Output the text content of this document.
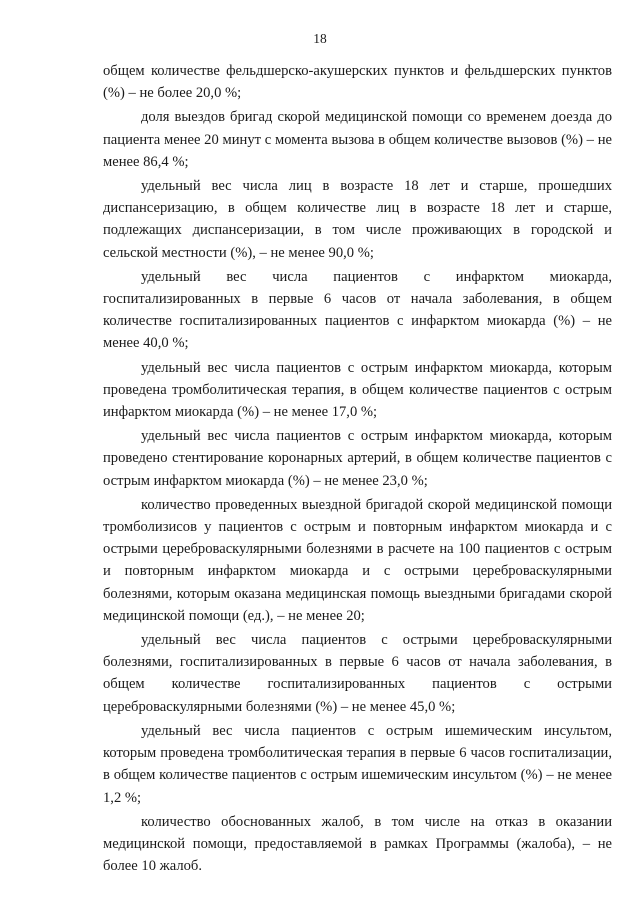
18

общем количестве фельдшерско-акушерских пунктов и фельдшерских пунктов (%) – не более 20,0 %;

доля выездов бригад скорой медицинской помощи со временем доезда до пациента менее 20 минут с момента вызова в общем количестве вызовов (%) – не менее 86,4 %;

удельный вес числа лиц в возрасте 18 лет и старше, прошедших диспансеризацию, в общем количестве лиц в возрасте 18 лет и старше, подлежащих диспансеризации, в том числе проживающих в городской и сельской местности (%), – не менее 90,0 %;

удельный вес числа пациентов с инфарктом миокарда, госпитализированных в первые 6 часов от начала заболевания, в общем количестве госпитализированных пациентов с инфарктом миокарда (%) – не менее 40,0 %;

удельный вес числа пациентов с острым инфарктом миокарда, которым проведена тромболитическая терапия, в общем количестве пациентов с острым инфарктом миокарда (%) – не менее 17,0 %;

удельный вес числа пациентов с острым инфарктом миокарда, которым проведено стентирование коронарных артерий, в общем количестве пациентов с острым инфарктом миокарда (%) – не менее 23,0 %;

количество проведенных выездной бригадой скорой медицинской помощи тромболизисов у пациентов с острым и повторным инфарктом миокарда и с острыми цереброваскулярными болезнями в расчете на 100 пациентов с острым и повторным инфарктом миокарда и с острыми цереброваскулярными болезнями, которым оказана медицинская помощь выездными бригадами скорой медицинской помощи (ед.), – не менее 20;

удельный вес числа пациентов с острыми цереброваскулярными болезнями, госпитализированных в первые 6 часов от начала заболевания, в общем количестве госпитализированных пациентов с острыми цереброваскулярными болезнями (%) – не менее 45,0 %;

удельный вес числа пациентов с острым ишемическим инсультом, которым проведена тромболитическая терапия в первые 6 часов госпитализации, в общем количестве пациентов с острым ишемическим инсультом (%) – не менее 1,2 %;

количество обоснованных жалоб, в том числе на отказ в оказании медицинской помощи, предоставляемой в рамках Программы (жалоба), – не более 10 жалоб.
